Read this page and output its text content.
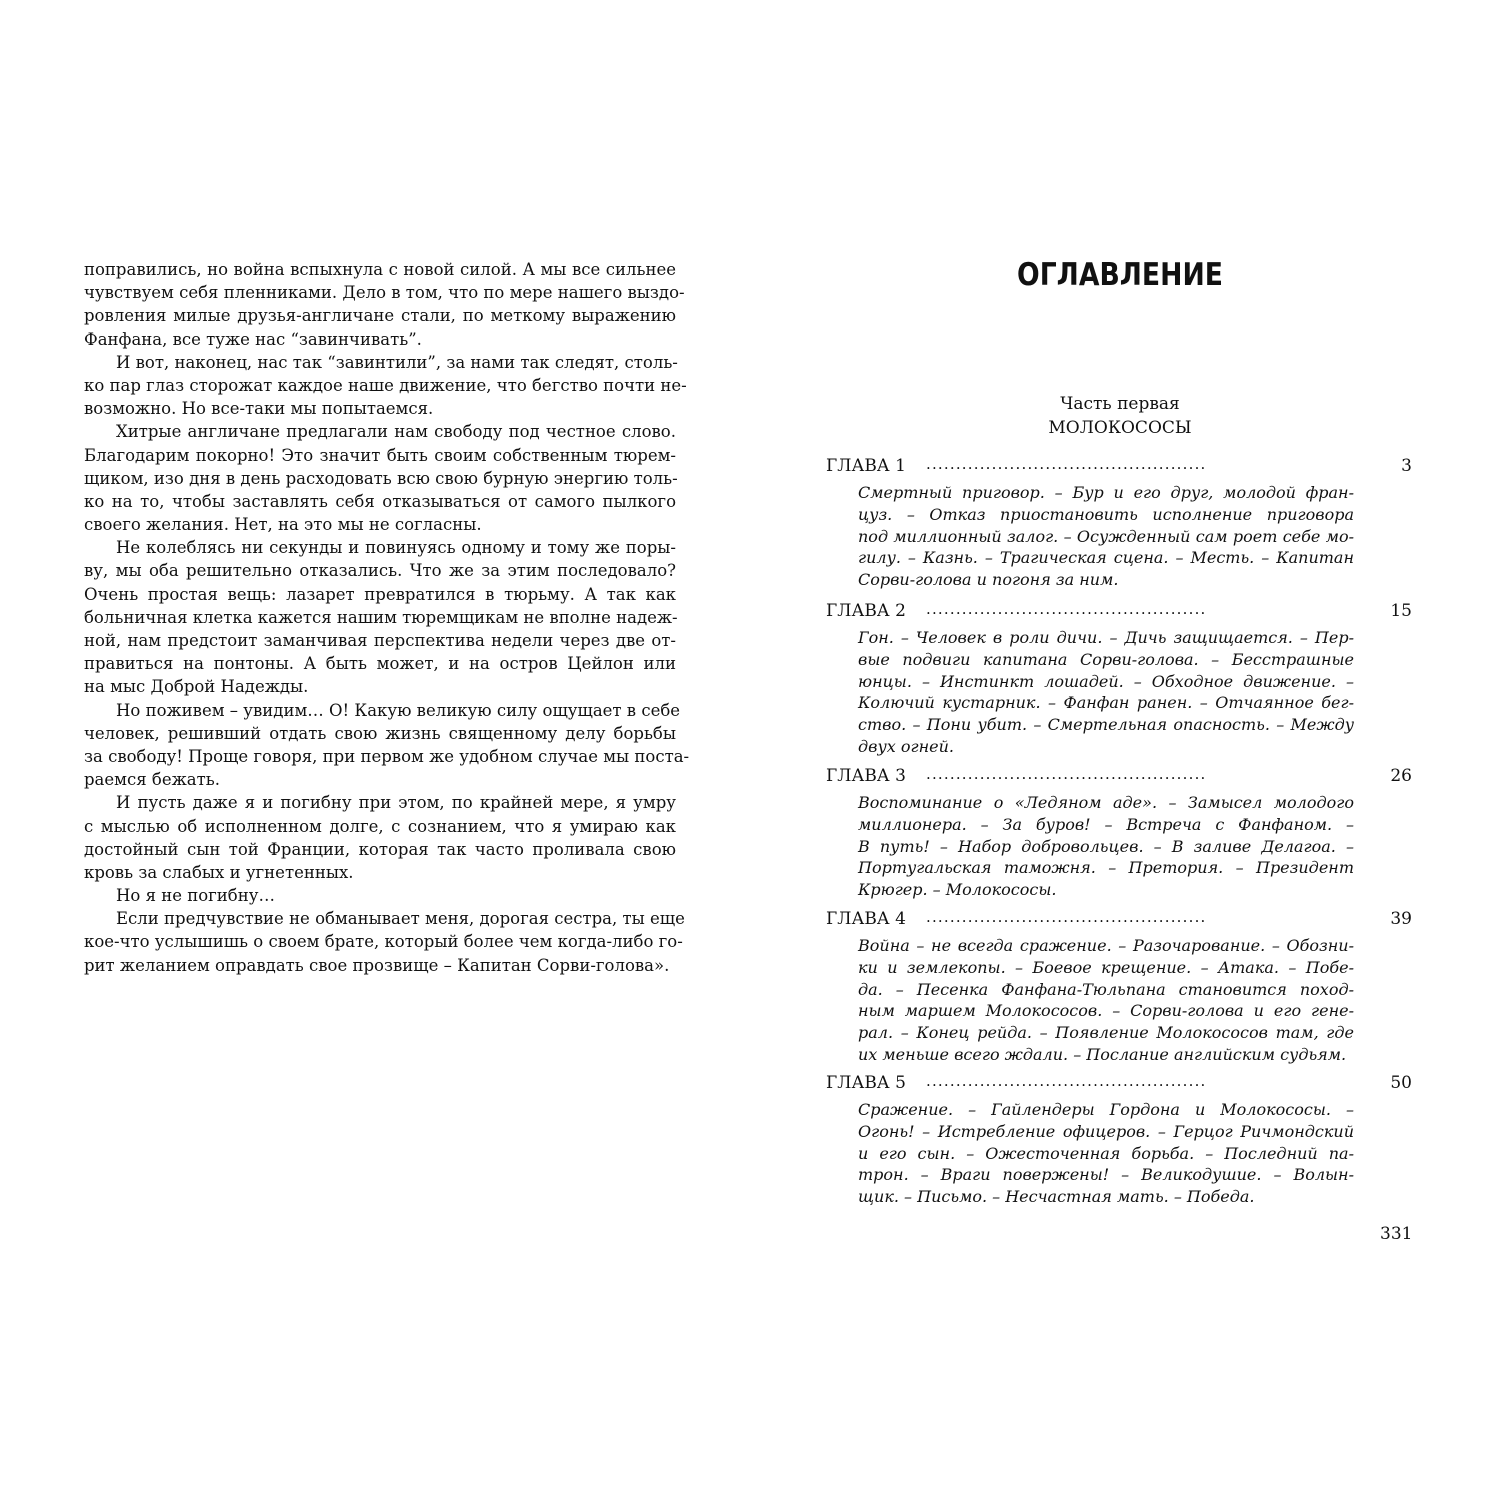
поправились, но война вспыхнула с новой силой. А мы все сильнее
чувствуем себя пленниками. Дело в том, что по мере нашего выздо-
ровления милые друзья-англичане стали, по меткому выражению
Фанфана, все туже нас “завинчивать”.
И вот, наконец, нас так “завинтили”, за нами так следят, столь-
ко пар глаз сторожат каждое наше движение, что бегство почти не-
возможно. Но все-таки мы попытаемся.
Хитрые англичане предлагали нам свободу под честное слово.
Благодарим покорно! Это значит быть своим собственным тюрем-
щиком, изо дня в день расходовать всю свою бурную энергию толь-
ко на то, чтобы заставлять себя отказываться от самого пылкого
своего желания. Нет, на это мы не согласны.
Не колеблясь ни секунды и повинуясь одному и тому же поры-
ву, мы оба решительно отказались. Что же за этим последовало?
Очень простая вещь: лазарет превратился в тюрьму. А так как
больничная клетка кажется нашим тюремщикам не вполне надеж-
ной, нам предстоит заманчивая перспектива недели через две от-
правиться на понтоны. А быть может, и на остров Цейлон или
на мыс Доброй Надежды.
Но поживем – увидим… О! Какую великую силу ощущает в себе
человек, решивший отдать свою жизнь священному делу борьбы
за свободу! Проще говоря, при первом же удобном случае мы поста-
раемся бежать.
И пусть даже я и погибну при этом, по крайней мере, я умру
с мыслью об исполненном долге, с сознанием, что я умираю как
достойный сын той Франции, которая так часто проливала свою
кровь за слабых и угнетенных.
Но я не погибну…
Если предчувствие не обманывает меня, дорогая сестра, ты еще
кое-что услышишь о своем брате, который более чем когда-либо го-
рит желанием оправдать свое прозвище – Капитан Сорви-голова».
ОГЛАВЛЕНИЕ
Часть первая
МОЛОКОСОСЫ
ГЛАВА 1 ...............................................	3
Смертный приговор. – Бур и его друг, молодой фран-
цуз. – Отказ приостановить исполнение приговора
под миллионный залог. – Осужденный сам роет себе мо-
гилу. – Казнь. – Трагическая сцена. – Месть. – Капитан
Сорви-голова и погоня за ним.
ГЛАВА 2 ...............................................	15
Гон. – Человек в роли дичи. – Дичь защищается. – Пер-
вые подвиги капитана Сорви-голова. – Бесстрашные
юнцы. – Инстинкт лошадей. – Обходное движение. –
Колючий кустарник. – Фанфан ранен. – Отчаянное бег-
ство. – Пони убит. – Смертельная опасность. – Между
двух огней.
ГЛАВА 3 ...............................................	26
Воспоминание о «Ледяном аде». – Замысел молодого
миллионера. – За буров! – Встреча с Фанфаном. –
В путь! – Набор добровольцев. – В заливе Делагоа. –
Португальская таможня. – Претория. – Президент
Крюгер. – Молокососы.
ГЛАВА 4 ...............................................	39
Война – не всегда сражение. – Разочарование. – Обозни-
ки и землекопы. – Боевое крещение. – Атака. – Побе-
да. – Песенка Фанфана-Тюльпана становится поход-
ным маршем Молокососов. – Сорви-голова и его гене-
рал. – Конец рейда. – Появление Молокососов там, где
их меньше всего ждали. – Послание английским судьям.
ГЛАВА 5 ...............................................	50
Сражение. – Гайлендеры Гордона и Молокососы. –
Огонь! – Истребление офицеров. – Герцог Ричмондский
и его сын. – Ожесточенная борьба. – Последний па-
трон. – Враги повержены! – Великодушие. – Волын-
щик. – Письмо. – Несчастная мать. – Победа.
331
